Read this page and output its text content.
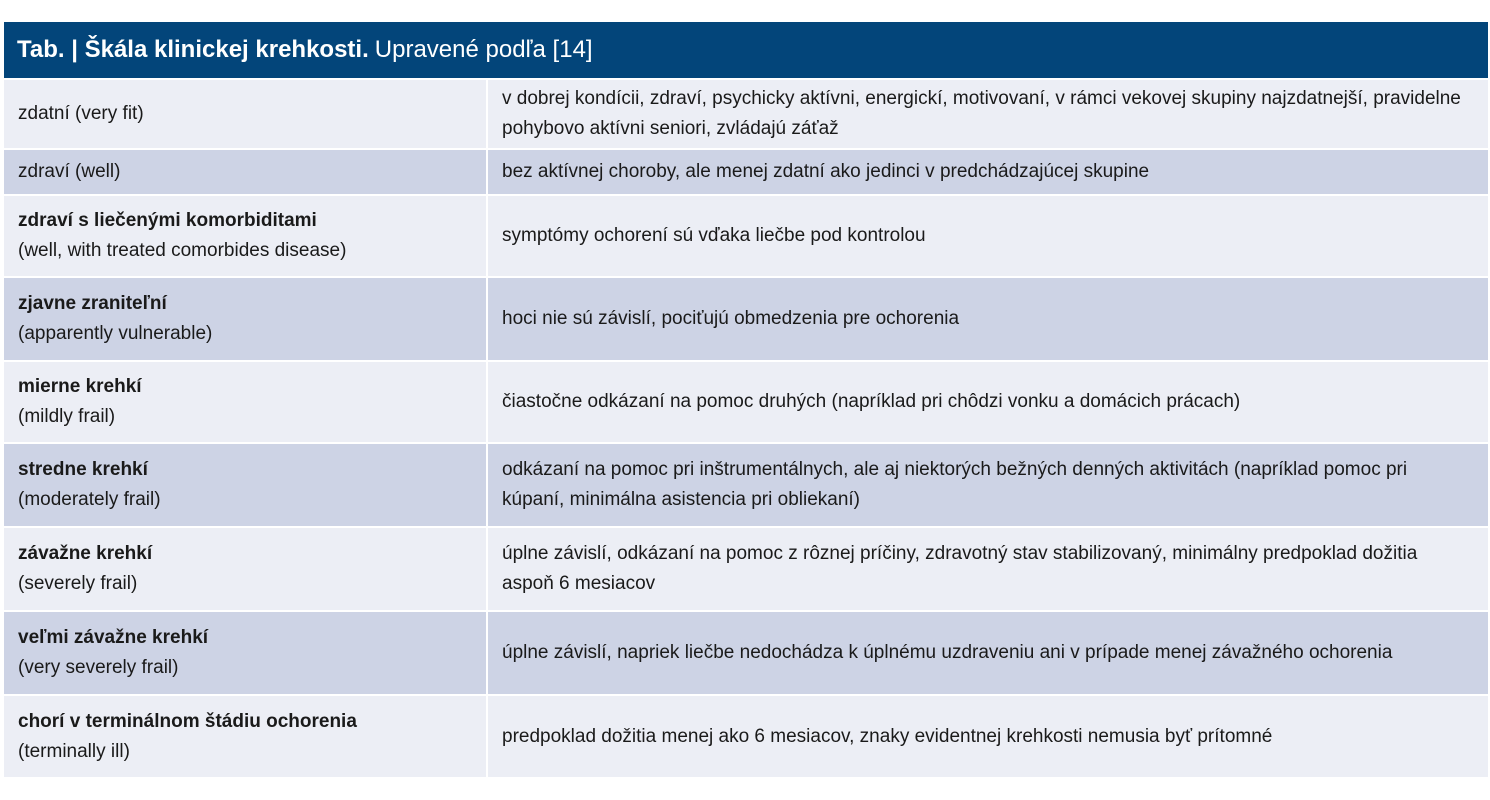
Tab. | Škála klinickej krehkosti. Upravené podľa [14]
zdatní (very fit)	v dobrej kondícii, zdraví, psychicky aktívni, energickí, motivovaní, v rámci vekovej skupiny najzdatnejší, pravidelne pohybovo aktívni seniori, zvládajú záťaž

zdraví (well)	bez aktívnej choroby, ale menej zdatní ako jedinci v predchádzajúcej skupine

zdraví s liečenými komorbiditami
(well, with treated comorbides disease)	symptómy ochorení sú vďaka liečbe pod kontrolou

zjavne zraniteľní
(apparently vulnerable)	hoci nie sú závislí, pociťujú obmedzenia pre ochorenia

mierne krehkí
(mildly frail)	čiastočne odkázaní na pomoc druhých (napríklad pri chôdzi vonku a domácich prácach)

stredne krehkí
(moderately frail)	odkázaní na pomoc pri inštrumentálnych, ale aj niektorých bežných denných aktivitách (napríklad pomoc pri kúpaní, minimálna asistencia pri obliekaní)

závažne krehkí
(severely frail)	úplne závislí, odkázaní na pomoc z rôznej príčiny, zdravotný stav stabilizovaný, minimálny predpoklad dožitia aspoň 6 mesiacov

veľmi závažne krehkí
(very severely frail)	úplne závislí, napriek liečbe nedochádza k úplnému uzdraveniu ani v prípade menej závažného ochorenia

chorí v terminálnom štádiu ochorenia
(terminally ill)	predpoklad dožitia menej ako 6 mesiacov, znaky evidentnej krehkosti nemusia byť prítomné
